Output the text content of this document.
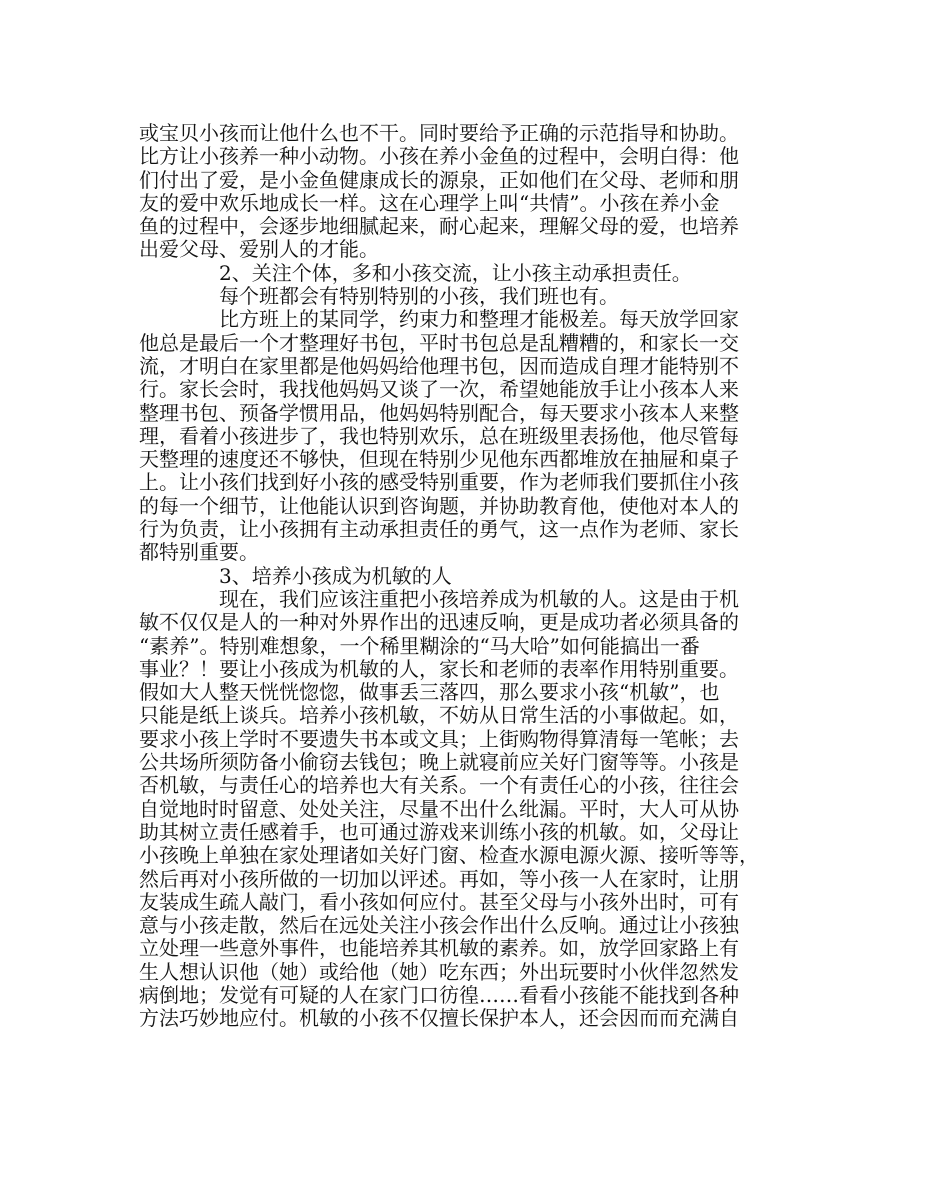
或宝贝小孩而让他什么也不干。同时要给予正确的示范指导和协助。
比方让小孩养一种小动物。小孩在养小金鱼的过程中，会明白得：他
们付出了爱，是小金鱼健康成长的源泉，正如他们在父母、老师和朋
友的爱中欢乐地成长一样。这在心理学上叫“共情”。小孩在养小金
鱼的过程中，会逐步地细腻起来，耐心起来，理解父母的爱，也培养
出爱父母、爱别人的才能。
　　　　2、关注个体，多和小孩交流，让小孩主动承担责任。
　　　　每个班都会有特别特别的小孩，我们班也有。
　　　　比方班上的某同学，约束力和整理才能极差。每天放学回家
他总是最后一个才整理好书包，平时书包总是乱糟糟的，和家长一交
流，才明白在家里都是他妈妈给他理书包，因而造成自理才能特别不
行。家长会时，我找他妈妈又谈了一次，希望她能放手让小孩本人来
整理书包、预备学惯用品，他妈妈特别配合，每天要求小孩本人来整
理，看着小孩进步了，我也特别欢乐，总在班级里表扬他，他尽管每
天整理的速度还不够快，但现在特别少见他东西都堆放在抽屉和桌子
上。让小孩们找到好小孩的感受特别重要，作为老师我们要抓住小孩
的每一个细节，让他能认识到咨询题，并协助教育他，使他对本人的
行为负责，让小孩拥有主动承担责任的勇气，这一点作为老师、家长
都特别重要。
　　　　3、培养小孩成为机敏的人
　　　　现在，我们应该注重把小孩培养成为机敏的人。这是由于机
敏不仅仅是人的一种对外界作出的迅速反响，更是成功者必须具备的
“素养”。特别难想象，一个稀里糊涂的“马大哈”如何能搞出一番
事业？！要让小孩成为机敏的人，家长和老师的表率作用特别重要。
假如大人整天恍恍惚惚，做事丢三落四，那么要求小孩“机敏”，也
只能是纸上谈兵。培养小孩机敏，不妨从日常生活的小事做起。如，
要求小孩上学时不要遗失书本或文具；上街购物得算清每一笔帐；去
公共场所须防备小偷窃去钱包；晚上就寝前应关好门窗等等。小孩是
否机敏，与责任心的培养也大有关系。一个有责任心的小孩，往往会
自觉地时时留意、处处关注，尽量不出什么纰漏。平时，大人可从协
助其树立责任感着手，也可通过游戏来训练小孩的机敏。如，父母让
小孩晚上单独在家处理诸如关好门窗、检查水源电源火源、接听等等，
然后再对小孩所做的一切加以评述。再如，等小孩一人在家时，让朋
友装成生疏人敲门，看小孩如何应付。甚至父母与小孩外出时，可有
意与小孩走散，然后在远处关注小孩会作出什么反响。通过让小孩独
立处理一些意外事件，也能培养其机敏的素养。如，放学回家路上有
生人想认识他（她）或给他（她）吃东西；外出玩要时小伙伴忽然发
病倒地；发觉有可疑的人在家门口彷徨……看看小孩能不能找到各种
方法巧妙地应付。机敏的小孩不仅擅长保护本人，还会因而而充满自
